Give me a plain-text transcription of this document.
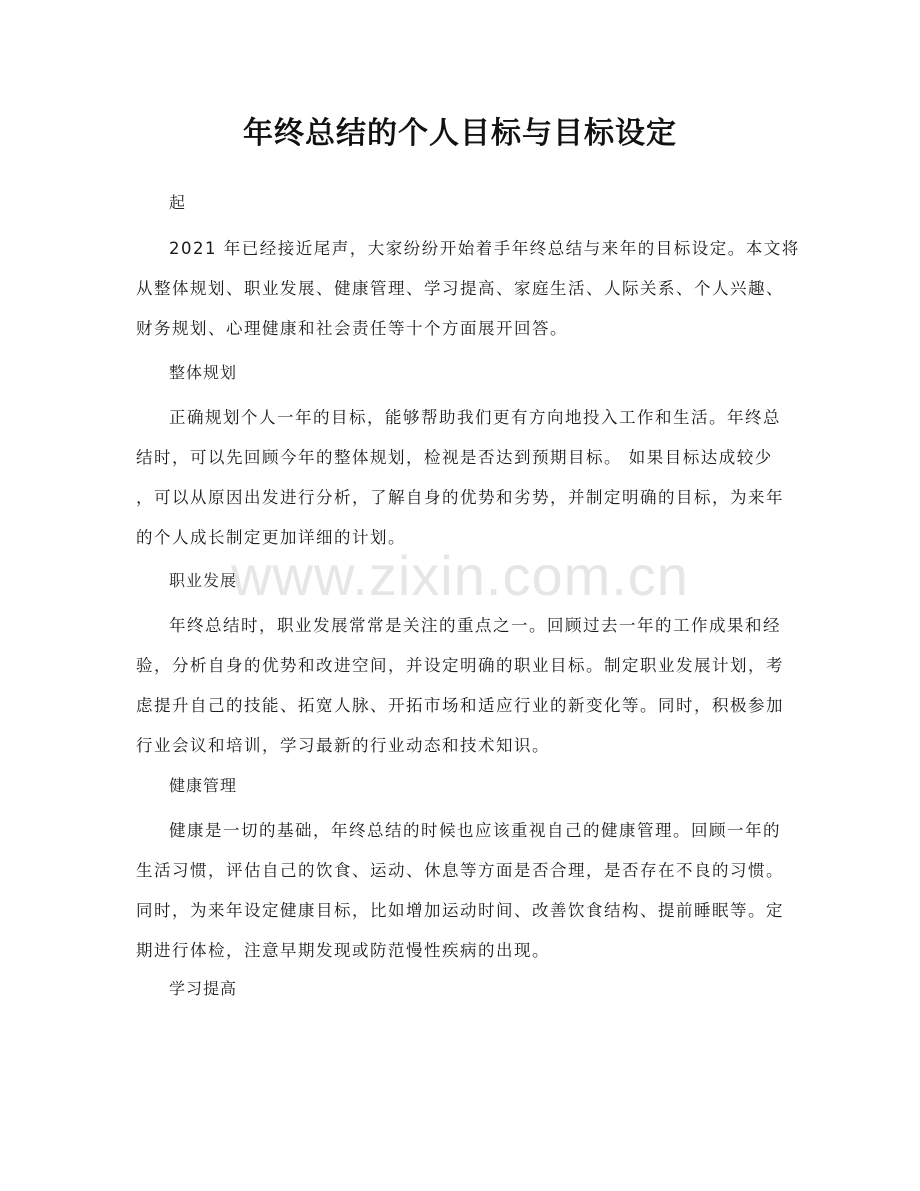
年终总结的个人目标与目标设定
起
2021 年已经接近尾声，大家纷纷开始着手年终总结与来年的目标设定。本文将
从整体规划、职业发展、健康管理、学习提高、家庭生活、人际关系、个人兴趣、
财务规划、心理健康和社会责任等十个方面展开回答。
整体规划
正确规划个人一年的目标，能够帮助我们更有方向地投入工作和生活。年终总
结时，可以先回顾今年的整体规划，检视是否达到预期目标。 如果目标达成较少
，可以从原因出发进行分析，了解自身的优势和劣势，并制定明确的目标，为来年
的个人成长制定更加详细的计划。
职业发展
年终总结时，职业发展常常是关注的重点之一。回顾过去一年的工作成果和经
验，分析自身的优势和改进空间，并设定明确的职业目标。制定职业发展计划，考
虑提升自己的技能、拓宽人脉、开拓市场和适应行业的新变化等。同时，积极参加
行业会议和培训，学习最新的行业动态和技术知识。
健康管理
健康是一切的基础，年终总结的时候也应该重视自己的健康管理。回顾一年的
生活习惯，评估自己的饮食、运动、休息等方面是否合理，是否存在不良的习惯。
同时，为来年设定健康目标，比如增加运动时间、改善饮食结构、提前睡眠等。定
期进行体检，注意早期发现或防范慢性疾病的出现。
学习提高
www.zixin.com.cn
